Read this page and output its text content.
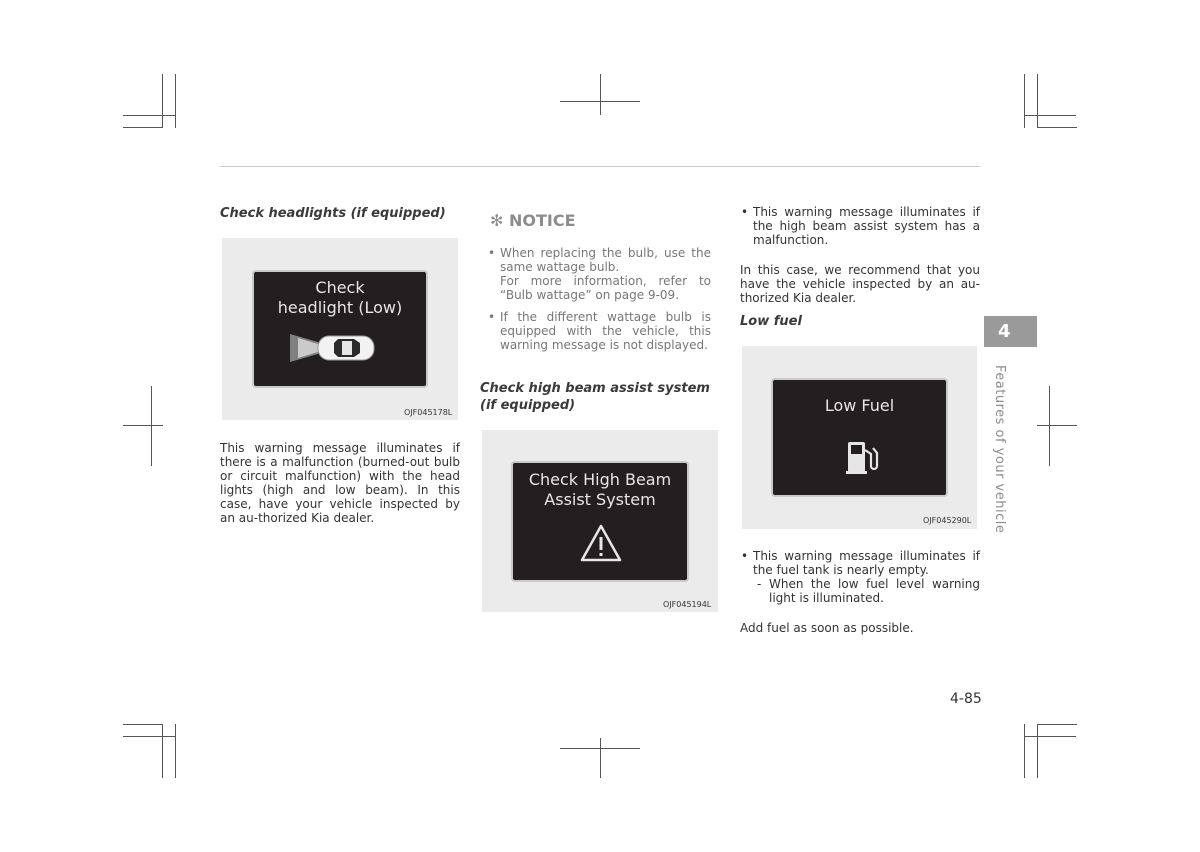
Check headlights (if equipped)
Check
headlight (Low)
OJF045178L
This warning message illuminates if there is a malfunction (burned-out bulb or circuit malfunction) with the head lights (high and low beam). In this case, have your vehicle inspected by an au-thorized Kia dealer.
✻ NOTICE
• When replacing the bulb, use the same wattage bulb.
For more information, refer to “Bulb wattage” on page 9-09.
• If the different wattage bulb is equipped with the vehicle, this warning message is not displayed.
Check high beam assist system (if equipped)
Check High Beam
Assist System
OJF045194L
• This warning message illuminates if the high beam assist system has a malfunction.
In this case, we recommend that you have the vehicle inspected by an au-thorized Kia dealer.
Low fuel
Low Fuel
OJF045290L
• This warning message illuminates if the fuel tank is nearly empty.
- When the low fuel level warning light is illuminated.
Add fuel as soon as possible.
4
Features of your vehicle
4-85
